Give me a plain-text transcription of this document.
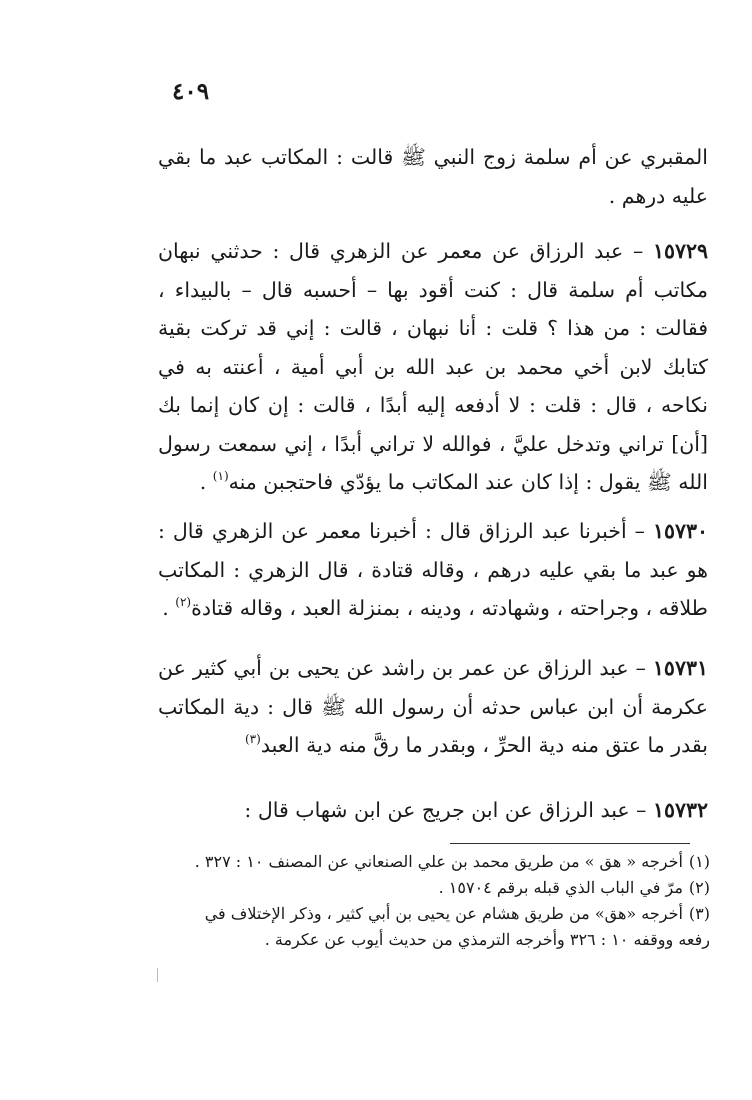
٤٠٩

المقبري عن أم سلمة زوج النبي ﷺ قالت : المكاتب عبد ما بقي عليه درهم .

١٥٧٢٩ – عبد الرزاق عن معمر عن الزهري قال : حدثني نبهان مكاتب أم سلمة قال : كنت أقود بها – أحسبه قال – بالبيداء ، فقالت : من هذا ؟ قلت : أنا نبهان ، قالت : إني قد تركت بقية كتابك لابن أخي محمد بن عبد الله بن أبي أمية ، أعنته به في نكاحه ، قال : قلت : لا أدفعه إليه أبدًا ، قالت : إن كان إنما بك [أن] تراني وتدخل عليَّ ، فوالله لا تراني أبدًا ، إني سمعت رسول الله ﷺ يقول : إذا كان عند المكاتب ما يؤدّي فاحتجبن منه$^{(١)}$ .

١٥٧٣٠ – أخبرنا عبد الرزاق قال : أخبرنا معمر عن الزهري قال : هو عبد ما بقي عليه درهم ، وقاله قتادة ، قال الزهري : المكاتب طلاقه ، وجراحته ، وشهادته ، ودينه ، بمنزلة العبد ، وقاله قتادة$^{(٢)}$ .

١٥٧٣١ – عبد الرزاق عن عمر بن راشد عن يحيى بن أبي كثير عن عكرمة أن ابن عباس حدثه أن رسول الله ﷺ قال : دية المكاتب بقدر ما عتق منه دية الحرِّ ، وبقدر ما رقَّ منه دية العبد$^{(٣)}$

١٥٧٣٢ – عبد الرزاق عن ابن جريج عن ابن شهاب قال :

(١)أخرجه « هق » من طريق محمد بن علي الصنعاني عن المصنف ١٠ : ٣٢٧ .

(٢)مرّ في الباب الذي قبله برقم ١٥٧٠٤ .

(٣)أخرجه «هق» من طريق هشام عن يحيى بن أبي كثير ، وذكر الإختلاف في

رفعه ووقفه ١٠ : ٣٢٦ وأخرجه الترمذي من حديث أيوب عن عكرمة .
